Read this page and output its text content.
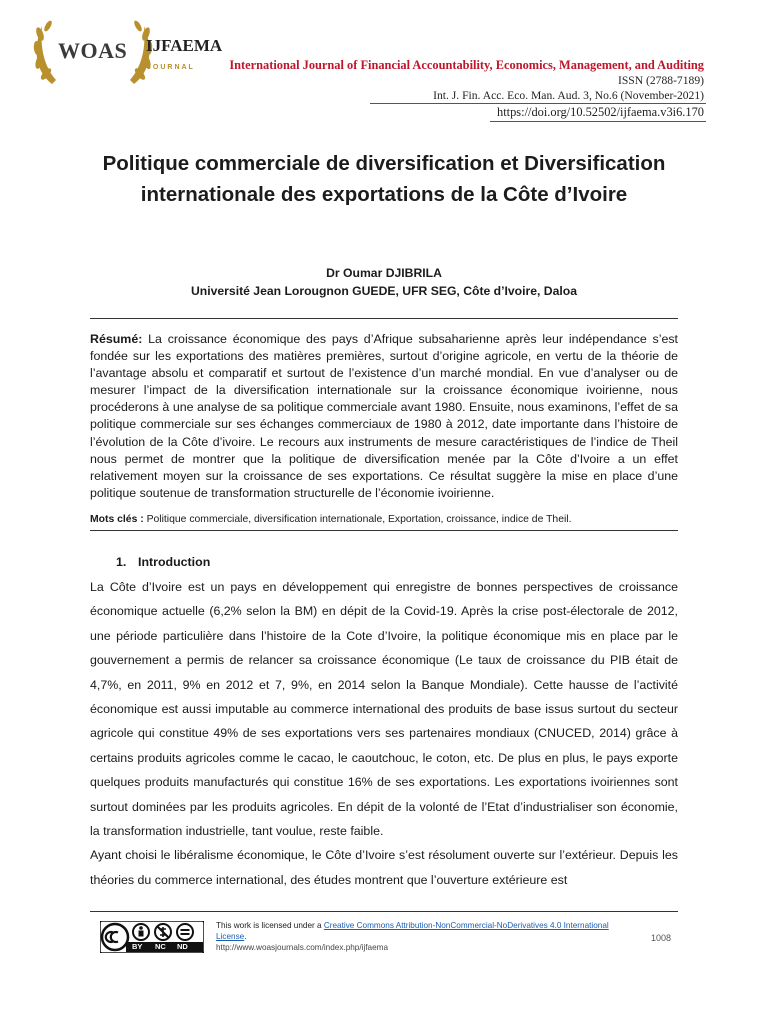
WOAS
JOURNAL
IJFAEMA
International Journal of Financial Accountability, Economics, Management, and Auditing
ISSN (2788-7189)
Int. J. Fin. Acc. Eco. Man. Aud. 3, No.6 (November-2021)
https://doi.org/10.52502/ijfaema.v3i6.170
Politique commerciale de diversification et Diversification internationale des exportations de la Côte d’Ivoire
Dr Oumar DJIBRILA
Université Jean Lorougnon GUEDE, UFR SEG, Côte d’Ivoire, Daloa

Résumé: La croissance économique des pays d’Afrique subsaharienne après leur indépendance s’est fondée sur les exportations des matières premières, surtout d’origine agricole, en vertu de la théorie de l’avantage absolu et comparatif et surtout de l’existence d’un marché mondial. En vue d’analyser ou de mesurer l’impact de la diversification internationale sur la croissance économique ivoirienne, nous procéderons à une analyse de sa politique commerciale avant 1980. Ensuite, nous examinons, l’effet de sa politique commerciale sur ses échanges commerciaux de 1980 à 2012, date importante dans l’histoire de l’évolution de la Côte d’ivoire. Le recours aux instruments de mesure caractéristiques de l’indice de Theil nous permet de montrer que la politique de diversification menée par la Côte d’Ivoire a un effet relativement moyen sur la croissance de ses exportations. Ce résultat suggère la mise en place d’une politique soutenue de transformation structurelle de l’économie ivoirienne.

Mots clés : Politique commerciale, diversification internationale, Exportation, croissance, indice de Theil.
1. Introduction

La Côte d’Ivoire est un pays en développement qui enregistre de bonnes perspectives de croissance économique actuelle (6,2% selon la BM) en dépit de la Covid-19. Après la crise post-électorale de 2012, une période particulière dans l’histoire de la Cote d’Ivoire, la politique économique mis en place par le gouvernement a permis de relancer sa croissance économique (Le taux de croissance du PIB était de 4,7%, en 2011, 9% en 2012 et 7, 9%, en 2014 selon la Banque Mondiale). Cette hausse de l’activité économique est aussi imputable au commerce international des produits de base issus surtout du secteur agricole qui constitue 49% de ses exportations vers ses partenaires mondiaux (CNUCED, 2014) grâce à certains produits agricoles comme le cacao, le caoutchouc, le coton, etc. De plus en plus, le pays exporte quelques produits manufacturés qui constitue 16% de ses exportations. Les exportations ivoiriennes sont surtout dominées par les produits agricoles. En dépit de la volonté de l’Etat d’industrialiser son économie, la transformation industrielle, tant voulue, reste faible.

Ayant choisi le libéralisme économique, le Côte d’Ivoire s’est résolument ouverte sur l’extérieur. Depuis les théories du commerce international, des études montrent que l’ouverture extérieure est

BY NC ND
This work is licensed under a Creative Commons Attribution-NonCommercial-NoDerivatives 4.0 International License.
http://www.woasjournals.com/index.php/ijfaema
1008
